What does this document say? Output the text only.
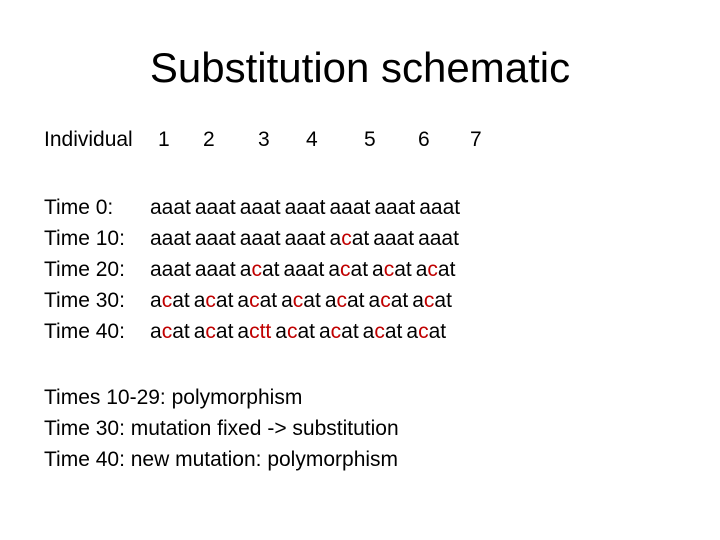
Substitution schematic
Individual 1 2 3 4 5 6 7
Time 0: aaat aaat aaat aaat aaat aaat aaat
Time 10: aaat aaat aaat aaat acat aaat aaat
Time 20: aaat aaat acat aaat acat acat acat
Time 30: acat acat acat acat acat acat acat
Time 40: acat acat actt acat acat acat acat
Times 10-29: polymorphism
Time 30: mutation fixed -> substitution
Time 40: new mutation: polymorphism
